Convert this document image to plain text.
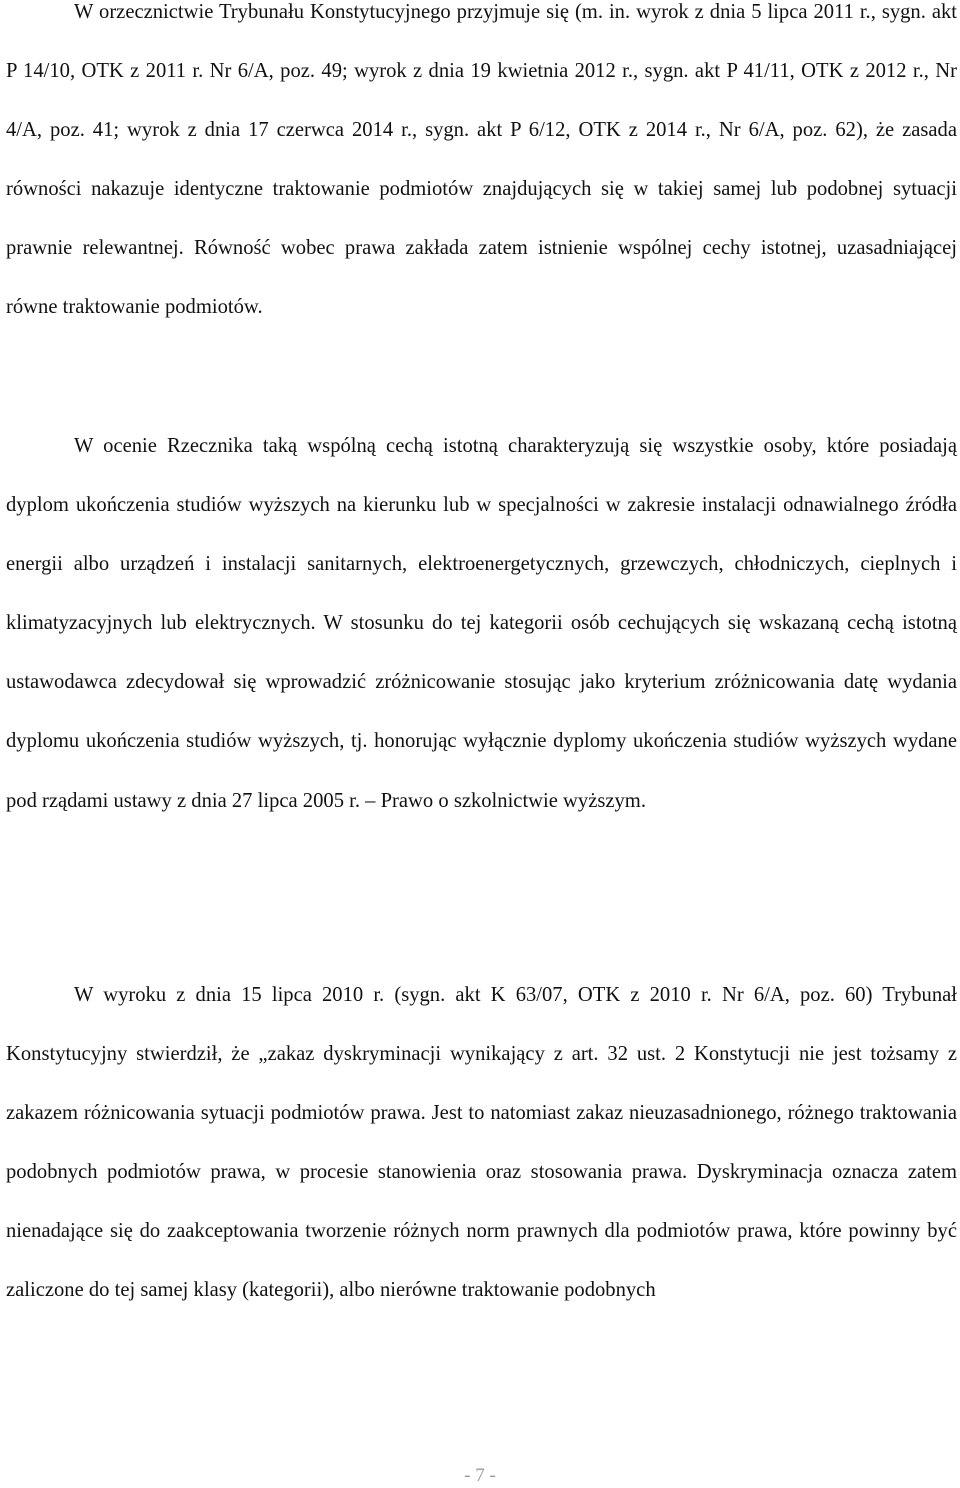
W orzecznictwie Trybunału Konstytucyjnego przyjmuje się (m. in. wyrok z dnia 5 lipca 2011 r., sygn. akt P 14/10, OTK z 2011 r. Nr 6/A, poz. 49; wyrok z dnia 19 kwietnia 2012 r., sygn. akt P 41/11, OTK z 2012 r., Nr 4/A, poz. 41; wyrok z dnia 17 czerwca 2014 r., sygn. akt P 6/12, OTK z 2014 r., Nr 6/A, poz. 62), że zasada równości nakazuje identyczne traktowanie podmiotów znajdujących się w takiej samej lub podobnej sytuacji prawnie relewantnej. Równość wobec prawa zakłada zatem istnienie wspólnej cechy istotnej, uzasadniającej równe traktowanie podmiotów.

W ocenie Rzecznika taką wspólną cechą istotną charakteryzują się wszystkie osoby, które posiadają dyplom ukończenia studiów wyższych na kierunku lub w specjalności w zakresie instalacji odnawialnego źródła energii albo urządzeń i instalacji sanitarnych, elektroenergetycznych, grzewczych, chłodniczych, cieplnych i klimatyzacyjnych lub elektrycznych. W stosunku do tej kategorii osób cechujących się wskazaną cechą istotną ustawodawca zdecydował się wprowadzić zróżnicowanie stosując jako kryterium zróżnicowania datę wydania dyplomu ukończenia studiów wyższych, tj. honorując wyłącznie dyplomy ukończenia studiów wyższych wydane pod rządami ustawy z dnia 27 lipca 2005 r. – Prawo o szkolnictwie wyższym.

W wyroku z dnia 15 lipca 2010 r. (sygn. akt K 63/07, OTK z 2010 r. Nr 6/A, poz. 60) Trybunał Konstytucyjny stwierdził, że „zakaz dyskryminacji wynikający z art. 32 ust. 2 Konstytucji nie jest tożsamy z zakazem różnicowania sytuacji podmiotów prawa. Jest to natomiast zakaz nieuzasadnionego, różnego traktowania podobnych podmiotów prawa, w procesie stanowienia oraz stosowania prawa. Dyskryminacja oznacza zatem nienadające się do zaakceptowania tworzenie różnych norm prawnych dla podmiotów prawa, które powinny być zaliczone do tej samej klasy (kategorii), albo nierówne traktowanie podobnych

- 7 -
